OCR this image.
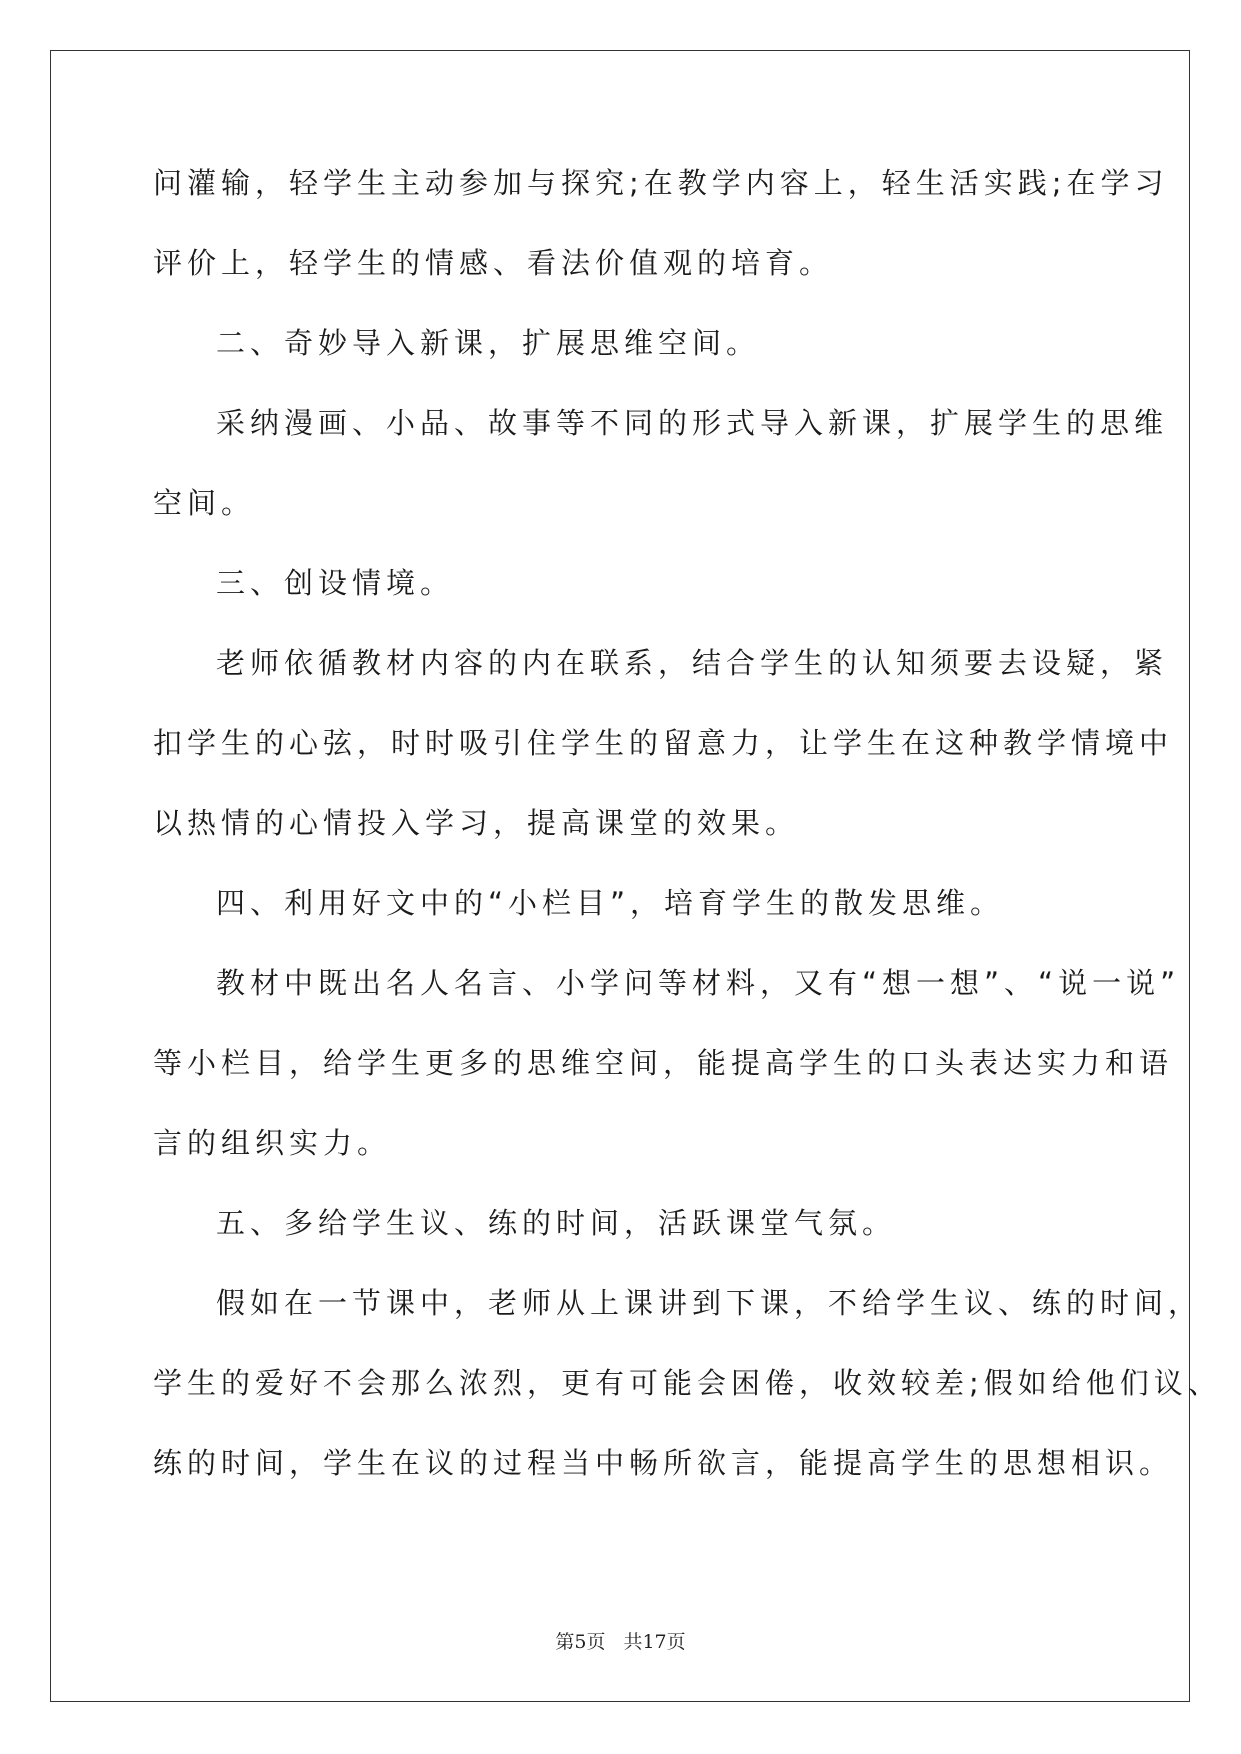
问灌输，轻学生主动参加与探究;在教学内容上，轻生活实践;在学习
评价上，轻学生的情感、看法价值观的培育。
二、奇妙导入新课，扩展思维空间。
采纳漫画、小品、故事等不同的形式导入新课，扩展学生的思维
空间。
三、创设情境。
老师依循教材内容的内在联系，结合学生的认知须要去设疑，紧
扣学生的心弦，时时吸引住学生的留意力，让学生在这种教学情境中
以热情的心情投入学习，提高课堂的效果。
四、利用好文中的“小栏目”，培育学生的散发思维。
教材中既出名人名言、小学问等材料，又有“想一想”、“说一说”
等小栏目，给学生更多的思维空间，能提高学生的口头表达实力和语
言的组织实力。
五、多给学生议、练的时间，活跃课堂气氛。
假如在一节课中，老师从上课讲到下课，不给学生议、练的时间，
学生的爱好不会那么浓烈，更有可能会困倦，收效较差;假如给他们议、
练的时间，学生在议的过程当中畅所欲言，能提高学生的思想相识。
第5页 共17页
